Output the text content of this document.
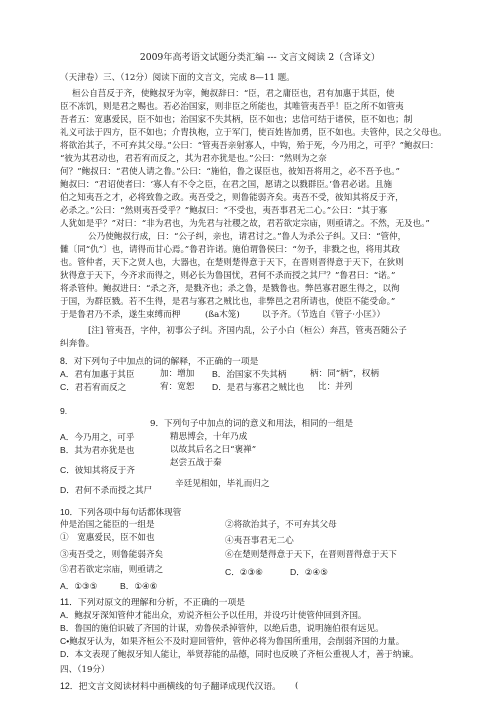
2009年高考语文试题分类汇编 --- 文言文阅读 2（含译文）
（天津卷）三、（12分）阅读下面的文言文，完成 8—11 题。
桓公自莒反于齐，使鲍叔牙为宰，鲍叔辞曰：“臣，君之庸臣也，君有加惠于其臣，使
臣不冻饥，则是君之赐也。若必治国家，则非臣之所能也，其唯管夷吾乎！臣之所不如管夷
吾者五：宽惠爱民，臣不如也；治国家不失其柄，臣不如也；忠信可结于诸侯，臣不如也；制
礼义可法于四方，臣不如也；介胄执枹，立于军门，使百姓皆加勇，臣不如也。夫管仲，民之父母也。
将欲治其子，不可弃其父母。”公曰：“管夷吾亲射寡人，中钩，殆于死，今乃用之，可乎？”鲍叔曰：
“彼为其君动也，君若宥而反之，其为君亦犹是也。”公曰：“然则为之奈
何？”鲍叔曰：“君使人请之鲁。”公曰：“施伯，鲁之谋臣也，彼知吾将用之，必不吾予也。”
鲍叔曰：“君诏使者曰：‘寡人有不令之臣，在君之国，愿请之以戮群臣。’鲁君必诺。且施
伯之知夷吾之才，必将致鲁之政。夷吾受之，则鲁能弱齐矣。夷吾不受，彼知其将反于齐，
必杀之。”公曰：“然则夷吾受乎？”鲍叔曰：“不受也，夷吾事君无二心。”公曰：“其于寡
人犹如是乎？”对曰：“非为君也，为先君与社稷之故，君若欲定宗庙，则亟请之。不然，无及也。”
公乃使鲍叔行成，曰：“公子纠，亲也，请君讨之。”鲁人为杀公子纠。又曰：“管仲，
雠〔同“仇”〕也，请得而甘心焉。”鲁君许诺。施伯谓鲁侯曰：“勿予，非戮之也，将用其政
也。管仲者，天下之贤人也，大器也，在楚则楚得意于天下，在晋则晋得意于天下，在狄则
狄得意于天下，今齐求而得之，则必长为鲁国忧，君何不杀而授之其尸？”鲁君曰：“诺。”
将杀管仲。鲍叔进曰：“杀之齐，是戮齐也；杀之鲁，是戮鲁也。弊邑寡君愿生得之，以徇
于国，为群臣戮。若不生得，是君与寡君之贼比也，非弊邑之君所请也，使臣不能受命。”
于是鲁君乃不杀，遂生束缚而柙	(ßa木笼)	以予齐。（节选自《管子·小匡》）
[注] 管夷吾，字仲，初事公子纠。齐国内乱，公子小白（桓公）奔莒，管夷吾随公子
纠奔鲁。
8．对下列句子中加点的词的解释，不正确的一项是
A．君有加惠于其臣	加：增加 B．治国家不失其柄	柄：同“柄”，权柄
C．君若宥而反之	宥：宽恕 D．是君与寡君之贼比也 比：并列
9.
9．下列句子中加点的词的意义和用法，相同的一组是
A．今乃用之，可乎	精思博会，十年乃成
B．其为君亦犹是也	以故其后名之曰“褒禅”
C．彼知其将反于齐
赵尝五战于秦
D．君何不杀而授之其尸
辛廷见相如，毕礼而归之
10．下列各项中每句话都体现管
仲是治国之能臣的一组是	②将欲治其子，不可弃其父母
①　宽惠爱民，臣不如也	④夷吾事君无二心
③夷吾受之，则鲁能弱齐矣	⑥在楚则楚得意于天下，在晋则晋得意于天下
⑤君若欲定宗庙，则亟请之
A．①③⑤	B．①④⑥
C．②③⑥	D．②④⑤
11．下列对原文的理解和分析，不正确的一项是
A．鲍叔牙深知管仲才能出众，劝说齐桓公予以任用，并设巧计使管仲回到齐国。
B．鲁国的施伯识破了齐国的计谋，劝鲁侯杀掉管仲，以绝后患，说明施伯很有远见。
C•鲍叔牙认为，如果齐桓公不及时迎回管仲，管仲必将为鲁国所重用，会削弱齐国的力量。
D．本文表现了鲍叔牙知人能让，举贤荐能的品德，同时也反映了齐桓公重视人才，善于纳谏。
四、（19分）
12．把文言文阅读材料中画横线的句子翻译成现代汉语。	(
